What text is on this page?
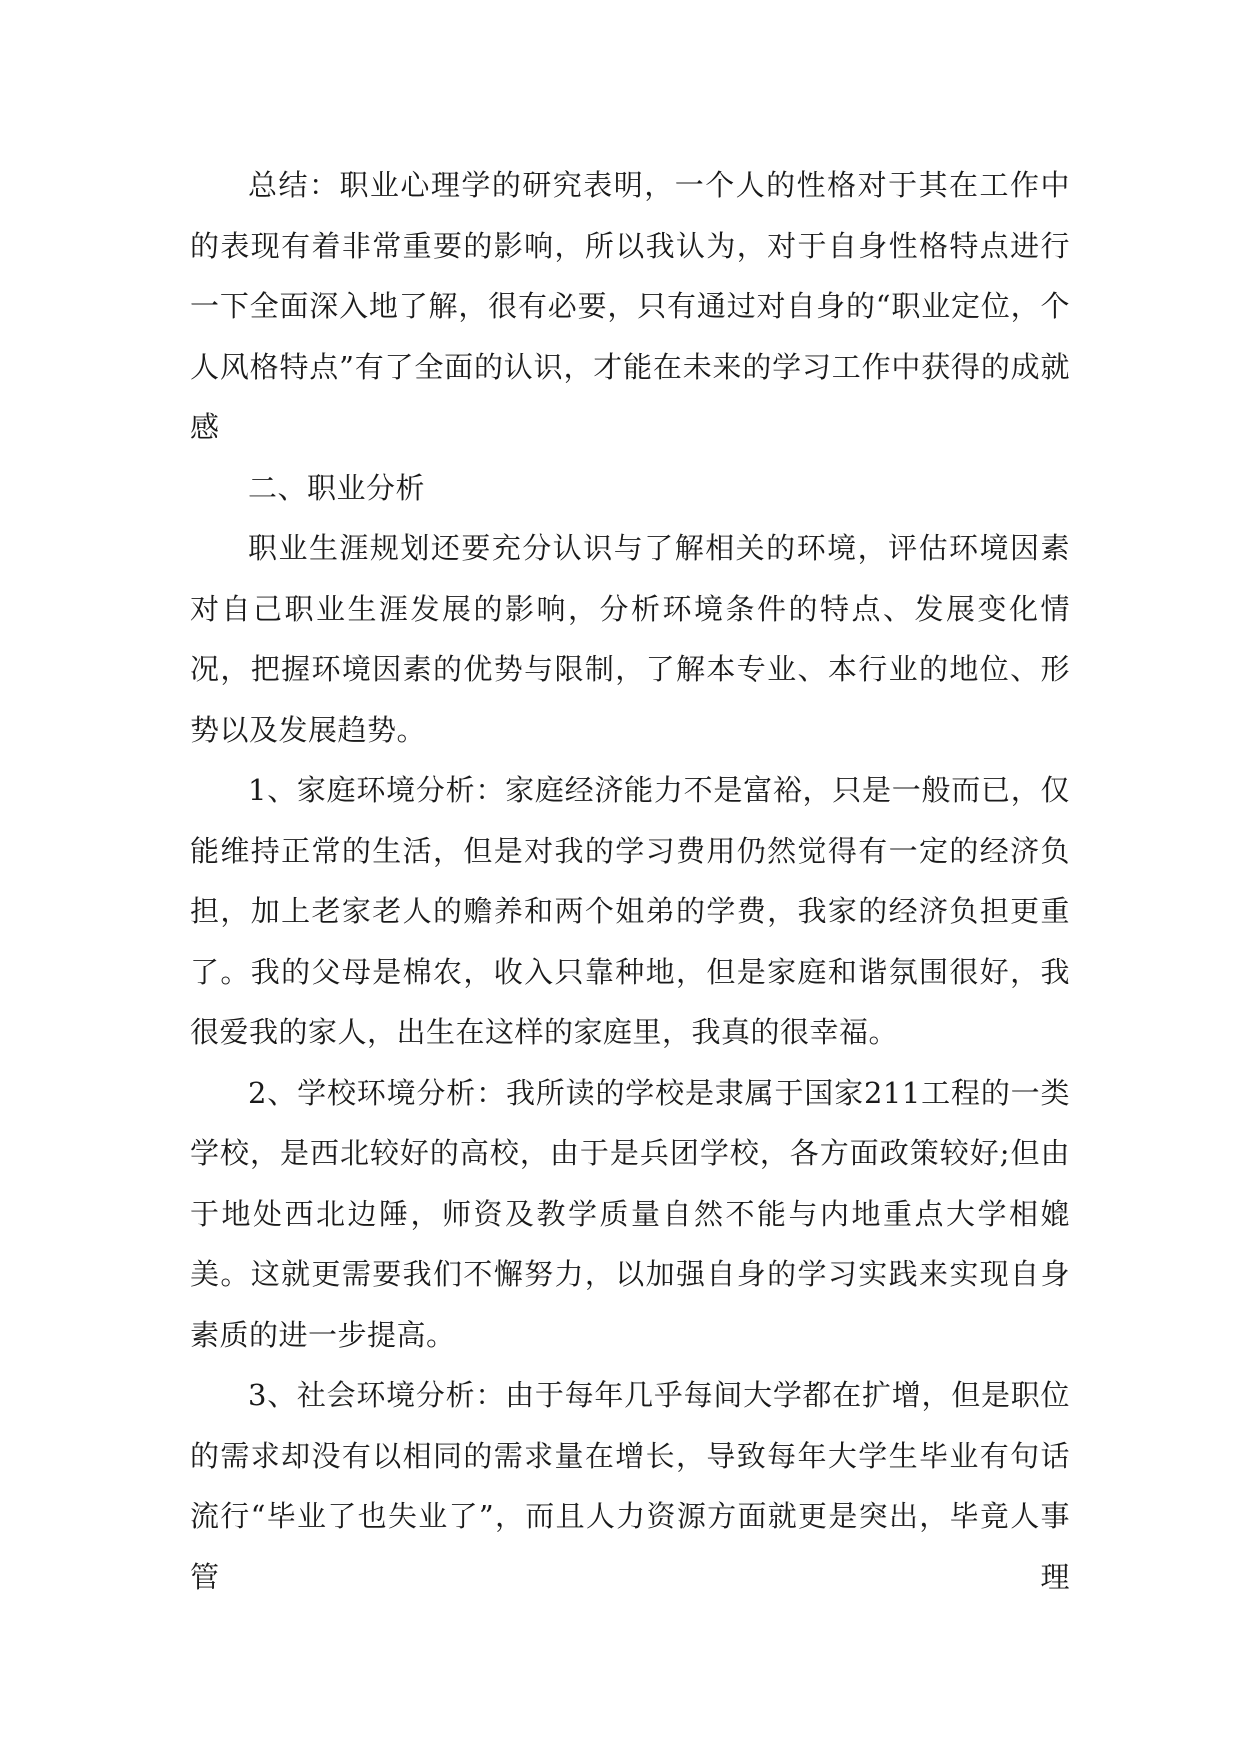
总结：职业心理学的研究表明，一个人的性格对于其在工作中的表现有着非常重要的影响，所以我认为，对于自身性格特点进行一下全面深入地了解，很有必要，只有通过对自身的“职业定位，个人风格特点”有了全面的认识，才能在未来的学习工作中获得的成就感

二、职业分析

职业生涯规划还要充分认识与了解相关的环境，评估环境因素对自己职业生涯发展的影响，分析环境条件的特点、发展变化情况，把握环境因素的优势与限制，了解本专业、本行业的地位、形势以及发展趋势。

1、家庭环境分析：家庭经济能力不是富裕，只是一般而已，仅能维持正常的生活，但是对我的学习费用仍然觉得有一定的经济负担，加上老家老人的赡养和两个姐弟的学费，我家的经济负担更重了。我的父母是棉农，收入只靠种地，但是家庭和谐氛围很好，我很爱我的家人，出生在这样的家庭里，我真的很幸福。

2、学校环境分析：我所读的学校是隶属于国家211工程的一类学校，是西北较好的高校，由于是兵团学校，各方面政策较好;但由于地处西北边陲，师资及教学质量自然不能与内地重点大学相媲美。这就更需要我们不懈努力，以加强自身的学习实践来实现自身素质的进一步提高。

3、社会环境分析：由于每年几乎每间大学都在扩增，但是职位的需求却没有以相同的需求量在增长，导致每年大学生毕业有句话流行“毕业了也失业了”，而且人力资源方面就更是突出，毕竟人事管理
